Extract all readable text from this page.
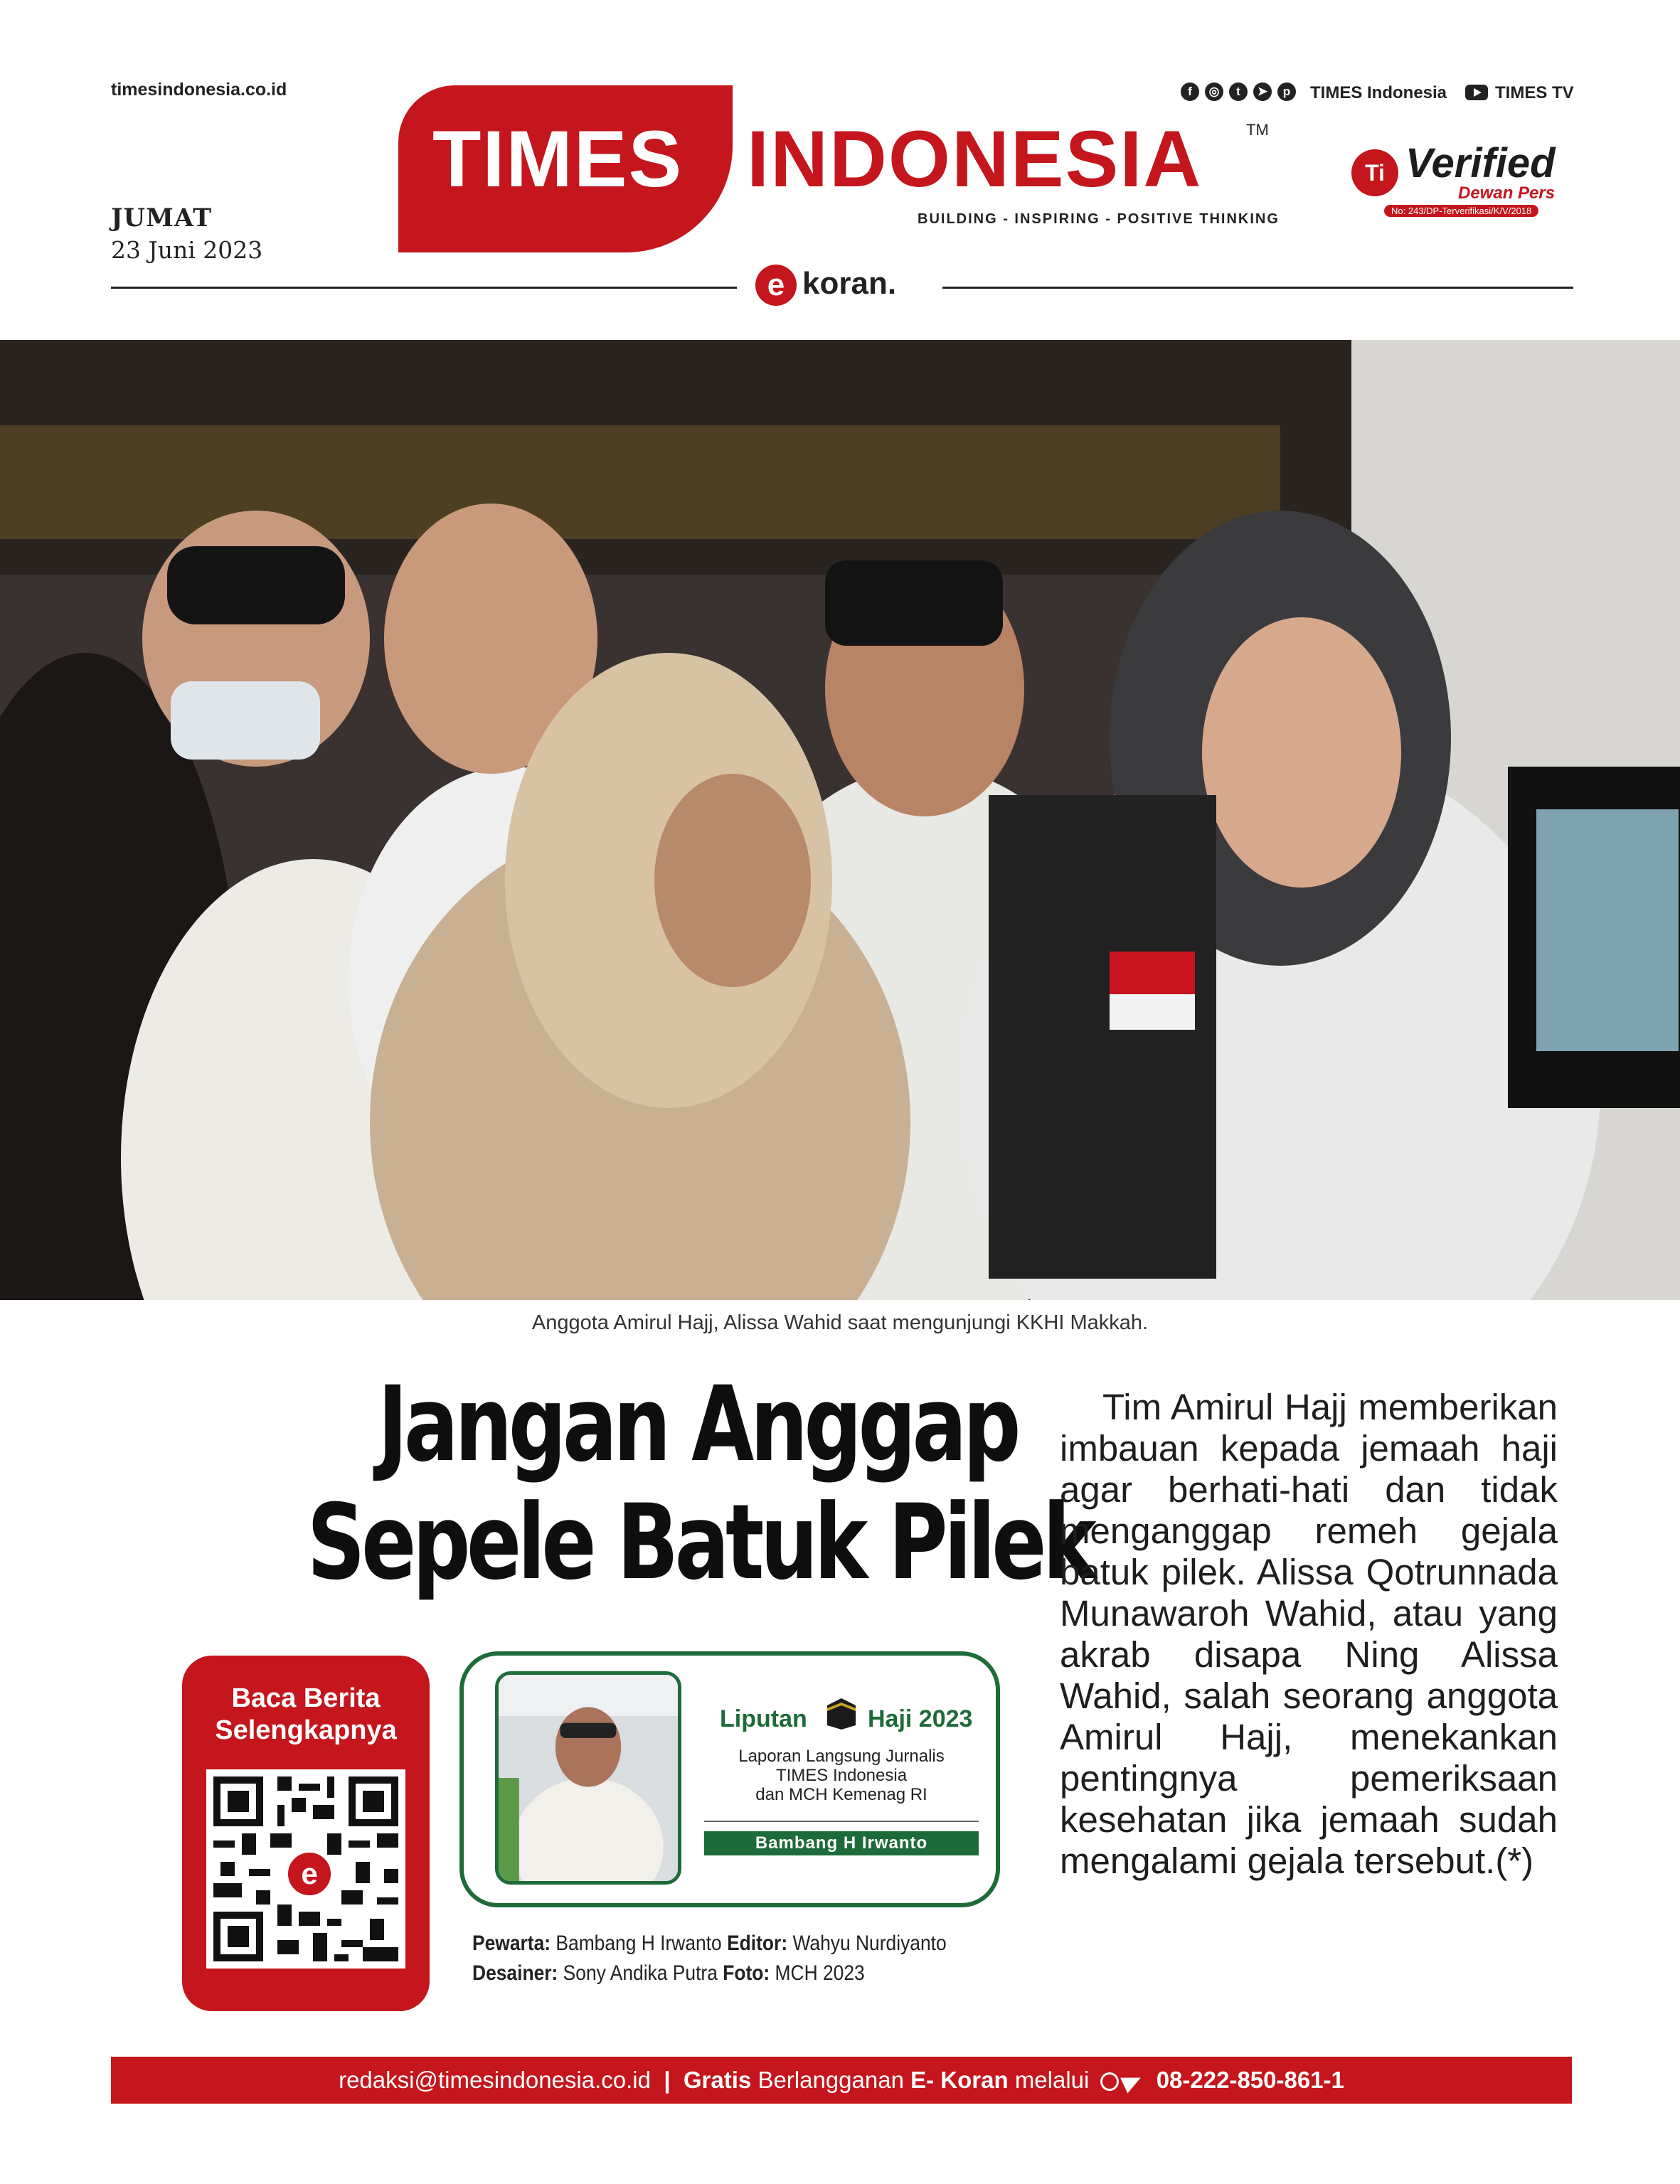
timesindonesia.co.id
JUMAT
23 Juni 2023
TIMES INDONESIA	TM
BUILDING - INSPIRING - POSITIVE THINKING
f	◎	t	➤	p	TIMES Indonesia	TIMES TV
Ti Verified
Dewan Pers
No: 243/DP-Terverifikasi/K/V/2018
e koran.
Anggota Amirul Hajj, Alissa Wahid saat mengunjungi KKHI Makkah.
Jangan Anggap
Sepele Batuk Pilek
Tim Amirul Hajj memberikan imbauan kepada jemaah haji agar berhati-hati dan tidak menganggap remeh gejala batuk pilek. Alissa Qotrunnada Munawaroh Wahid, atau yang akrab disapa Ning Alissa Wahid, salah seorang anggota Amirul Hajj, menekankan pentingnya pemeriksaan kesehatan jika jemaah sudah mengalami gejala tersebut.(*)
Baca Berita
Selengkapnya
e
Liputan	Haji 2023
Laporan Langsung Jurnalis
TIMES Indonesia
dan MCH Kemenag RI
Bambang H Irwanto
Pewarta: Bambang H Irwanto Editor: Wahyu Nurdiyanto
Desainer: Sony Andika Putra Foto: MCH 2023
redaksi@timesindonesia.co.id | Gratis Berlangganan E- Koran melalui	08-222-850-861-1
